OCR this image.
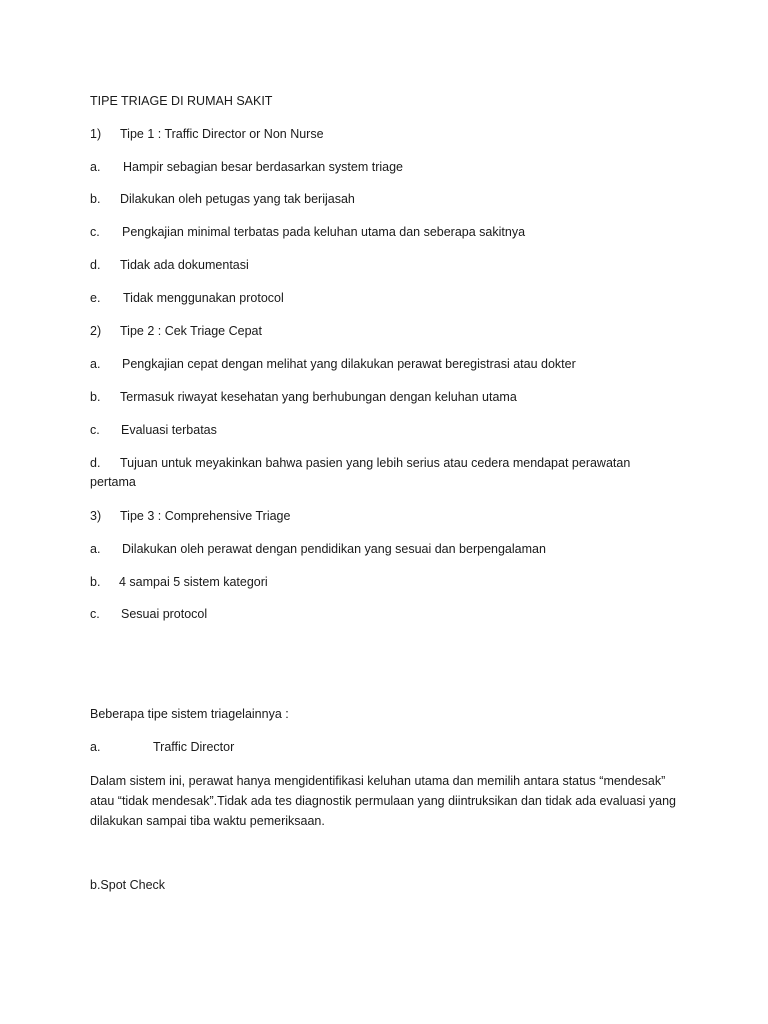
TIPE TRIAGE DI RUMAH SAKIT
1) Tipe 1 : Traffic Director or Non Nurse
a. Hampir sebagian besar berdasarkan system triage
b. Dilakukan oleh petugas yang tak berijasah
c. Pengkajian minimal terbatas pada keluhan utama dan seberapa sakitnya
d. Tidak ada dokumentasi
e. Tidak menggunakan protocol
2) Tipe 2 : Cek Triage Cepat
a. Pengkajian cepat dengan melihat yang dilakukan perawat beregistrasi atau dokter
b. Termasuk riwayat kesehatan yang berhubungan dengan keluhan utama
c. Evaluasi terbatas
d. Tujuan untuk meyakinkan bahwa pasien yang lebih serius atau cedera mendapat perawatan
pertama
3) Tipe 3 : Comprehensive Triage
a. Dilakukan oleh perawat dengan pendidikan yang sesuai dan berpengalaman
b. 4 sampai 5 sistem kategori
c. Sesuai protocol
Beberapa tipe sistem triagelainnya :
a.	Traffic Director
Dalam sistem ini, perawat hanya mengidentifikasi keluhan utama dan memilih antara status “mendesak” atau “tidak mendesak”.Tidak ada tes diagnostik permulaan yang diintruksikan dan tidak ada evaluasi yang dilakukan sampai tiba waktu pemeriksaan.
b.Spot Check
